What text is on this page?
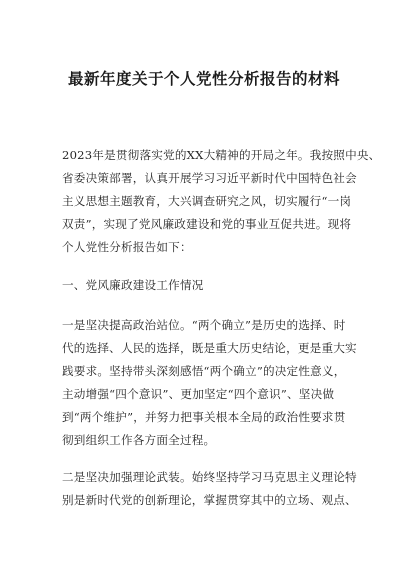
最新年度关于个人党性分析报告的材料

2023年是贯彻落实党的XX大精神的开局之年。我按照中央、
省委决策部署，认真开展学习习近平新时代中国特色社会
主义思想主题教育，大兴调查研究之风，切实履行“一岗
双责”，实现了党风廉政建设和党的事业互促共进。现将
个人党性分析报告如下：

一、党风廉政建设工作情况

一是坚决提高政治站位。“两个确立”是历史的选择、时
代的选择、人民的选择，既是重大历史结论，更是重大实
践要求。坚持带头深刻感悟“两个确立”的决定性意义，
主动增强“四个意识”、更加坚定“四个意识”、坚决做
到“两个维护”，并努力把事关根本全局的政治性要求贯
彻到组织工作各方面全过程。

二是坚决加强理论武装。始终坚持学习马克思主义理论特
别是新时代党的创新理论，掌握贯穿其中的立场、观点、
